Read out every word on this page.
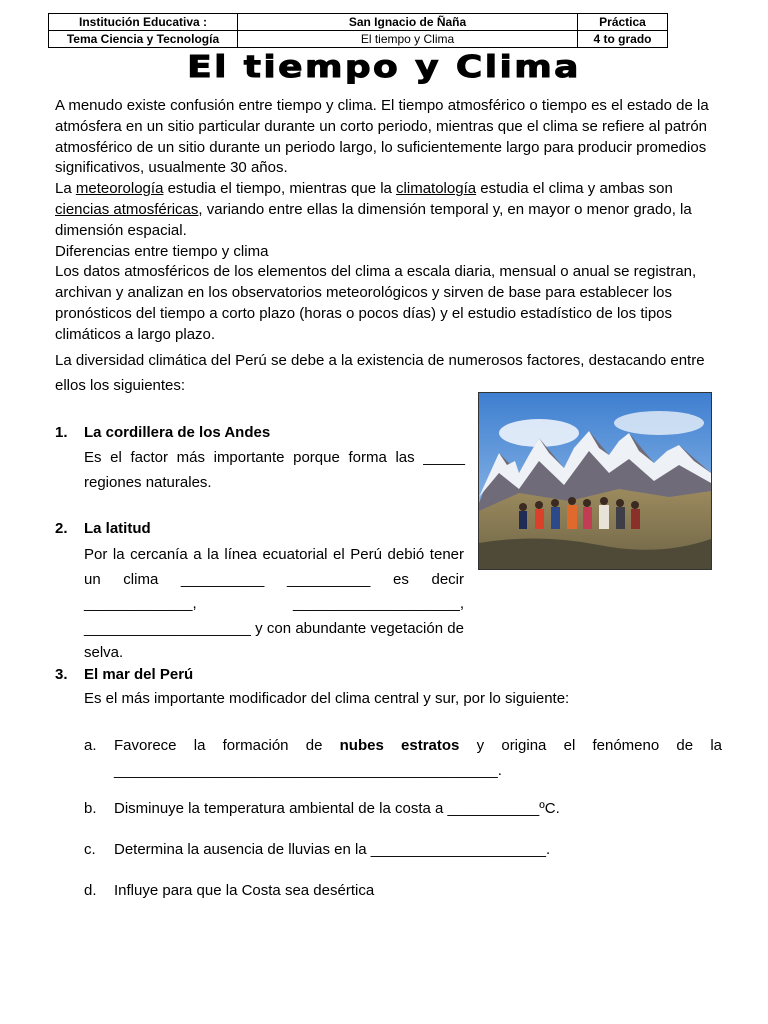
Institución Educativa :	San Ignacio de Ñaña	Práctica
Tema Ciencia y Tecnología	El tiempo y Clima	4 to grado
El tiempo y Clima

A menudo existe confusión entre tiempo y clima. El tiempo atmosférico o tiempo es el estado de la atmósfera en un sitio particular durante un corto periodo, mientras que el clima se refiere al patrón atmosférico de un sitio durante un periodo largo, lo suficientemente largo para producir promedios significativos, usualmente 30 años.

La meteorología estudia el tiempo, mientras que la climatología estudia el clima y ambas son ciencias atmosféricas, variando entre ellas la dimensión temporal y, en mayor o menor grado, la dimensión espacial.

Diferencias entre tiempo y clima

Los datos atmosféricos de los elementos del clima a escala diaria, mensual o anual se registran, archivan y analizan en los observatorios meteorológicos y sirven de base para establecer los pronósticos del tiempo a corto plazo (horas o pocos días) y el estudio estadístico de los tipos climáticos a largo plazo.

La diversidad climática del Perú se debe a la existencia de numerosos factores, destacando entre ellos los siguientes:

1. La cordillera de los Andes

Es el factor más importante porque forma las _____ regiones naturales.

2. La latitud

Por la cercanía a la línea ecuatorial el Perú debió tener un clima __________ __________ es decir _____________, ____________________, ____________________ y con abundante vegetación de selva.

3. El mar del Perú
Es el más importante modificador del clima central y sur, por lo siguiente:
a. Favorece la formación de nubes estratos y origina el fenómeno de la ______________________________________________.

b. Disminuye la temperatura ambiental de la costa a ___________ºC.
c. Determina la ausencia de lluvias en la _____________________.
d. Influye para que la Costa sea desértica
